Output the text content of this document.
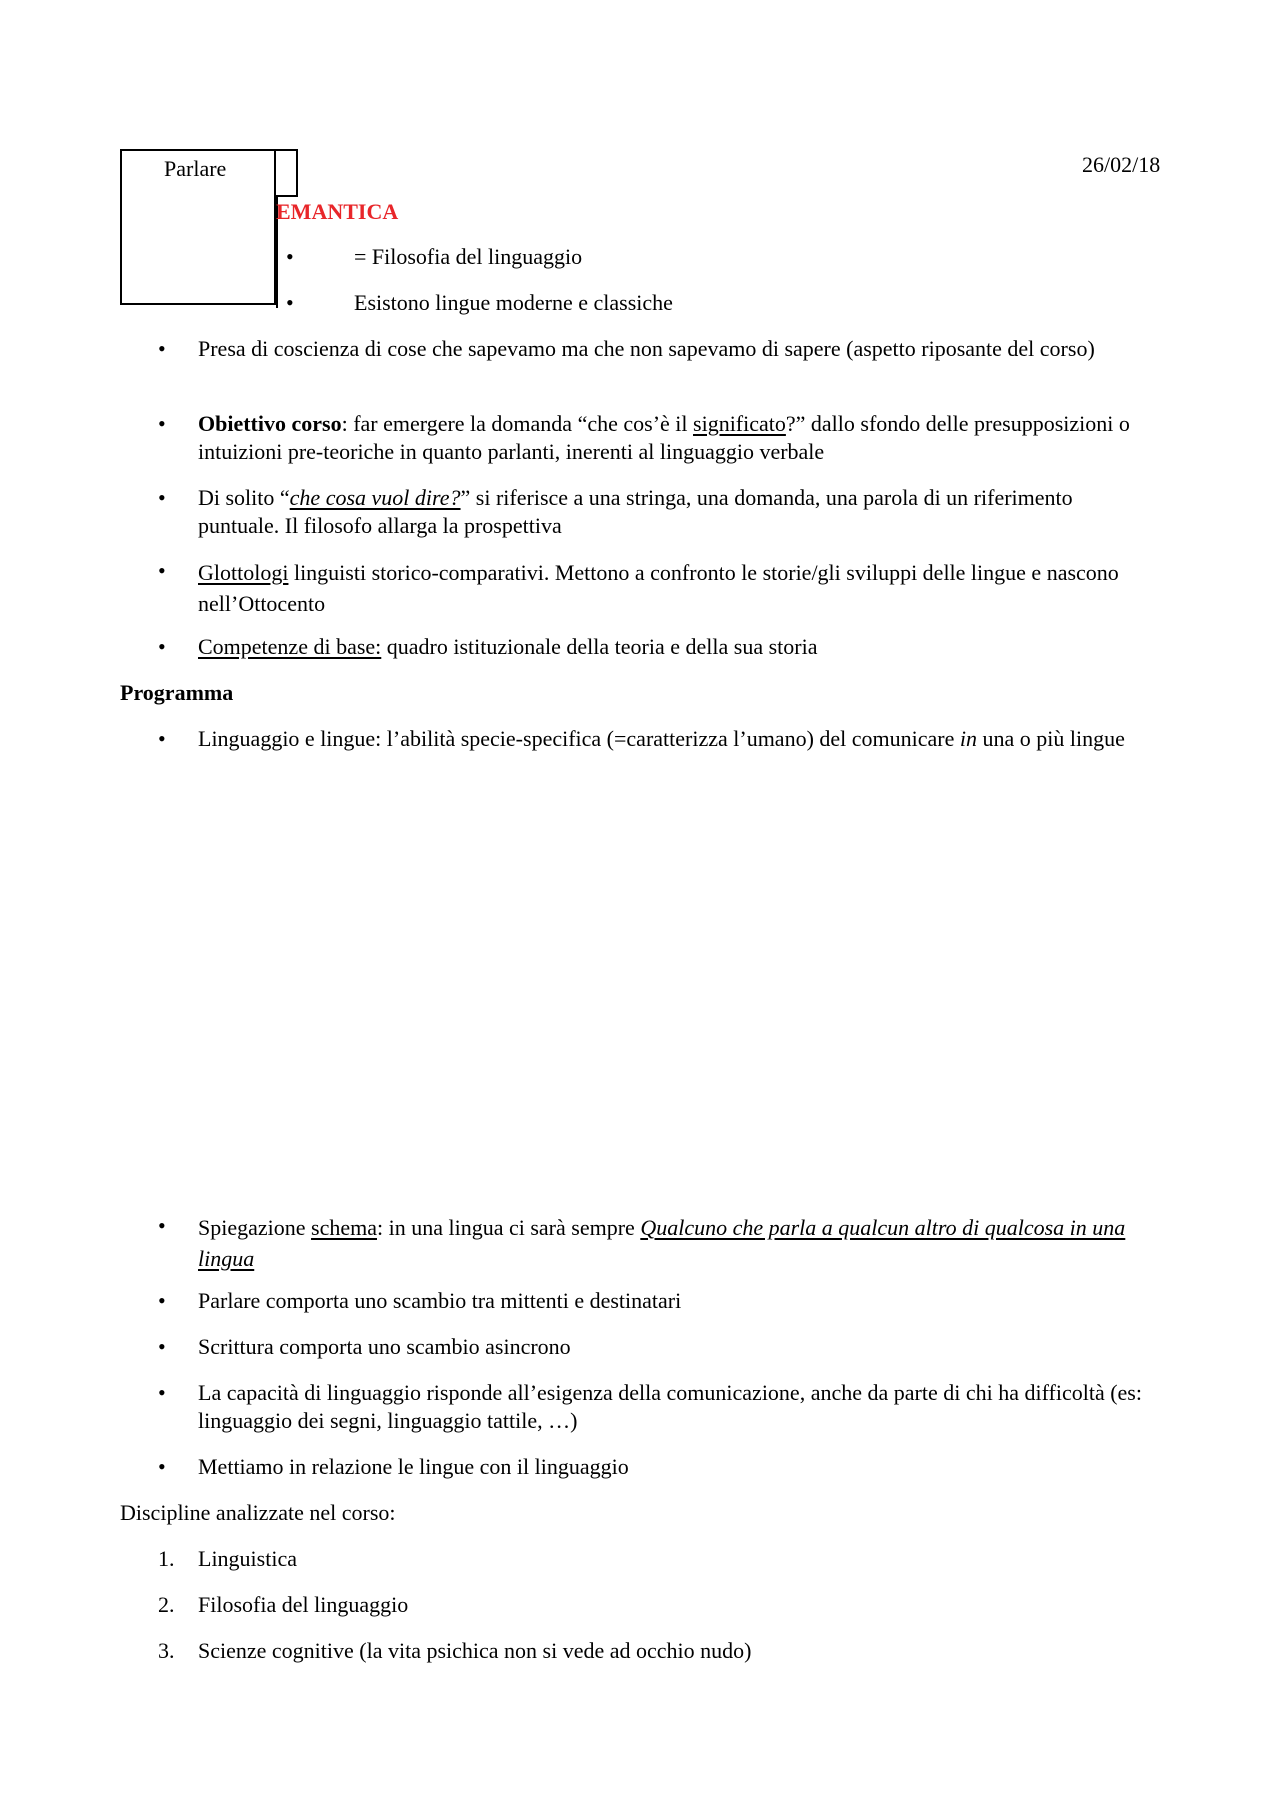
26/02/18
Parlare
EMANTICA
•	= Filosofia del linguaggio
•	Esistono lingue moderne e classiche
• Presa di coscienza di cose che sapevamo ma che non sapevamo di sapere (aspetto riposante del corso)
• Obiettivo corso: far emergere la domanda “che cos’è il significato?” dallo sfondo delle presupposizioni o intuizioni pre-teoriche in quanto parlanti, inerenti al linguaggio verbale
• Di solito “che cosa vuol dire?” si riferisce a una stringa, una domanda, una parola di un riferimento puntuale. Il filosofo allarga la prospettiva
• Glottologi linguisti storico-comparativi. Mettono a confronto le storie/gli sviluppi delle lingue e nascono nell’Ottocento
• Competenze di base: quadro istituzionale della teoria e della sua storia
Programma
• Linguaggio e lingue: l’abilità specie-specifica (=caratterizza l’umano) del comunicare in una o più lingue
• Spiegazione schema: in una lingua ci sarà sempre Qualcuno che parla a qualcun altro di qualcosa in una lingua
• Parlare comporta uno scambio tra mittenti e destinatari
• Scrittura comporta uno scambio asincrono
• La capacità di linguaggio risponde all’esigenza della comunicazione, anche da parte di chi ha difficoltà (es: linguaggio dei segni, linguaggio tattile, …)
• Mettiamo in relazione le lingue con il linguaggio
Discipline analizzate nel corso:
1. Linguistica
2. Filosofia del linguaggio
3. Scienze cognitive (la vita psichica non si vede ad occhio nudo)
